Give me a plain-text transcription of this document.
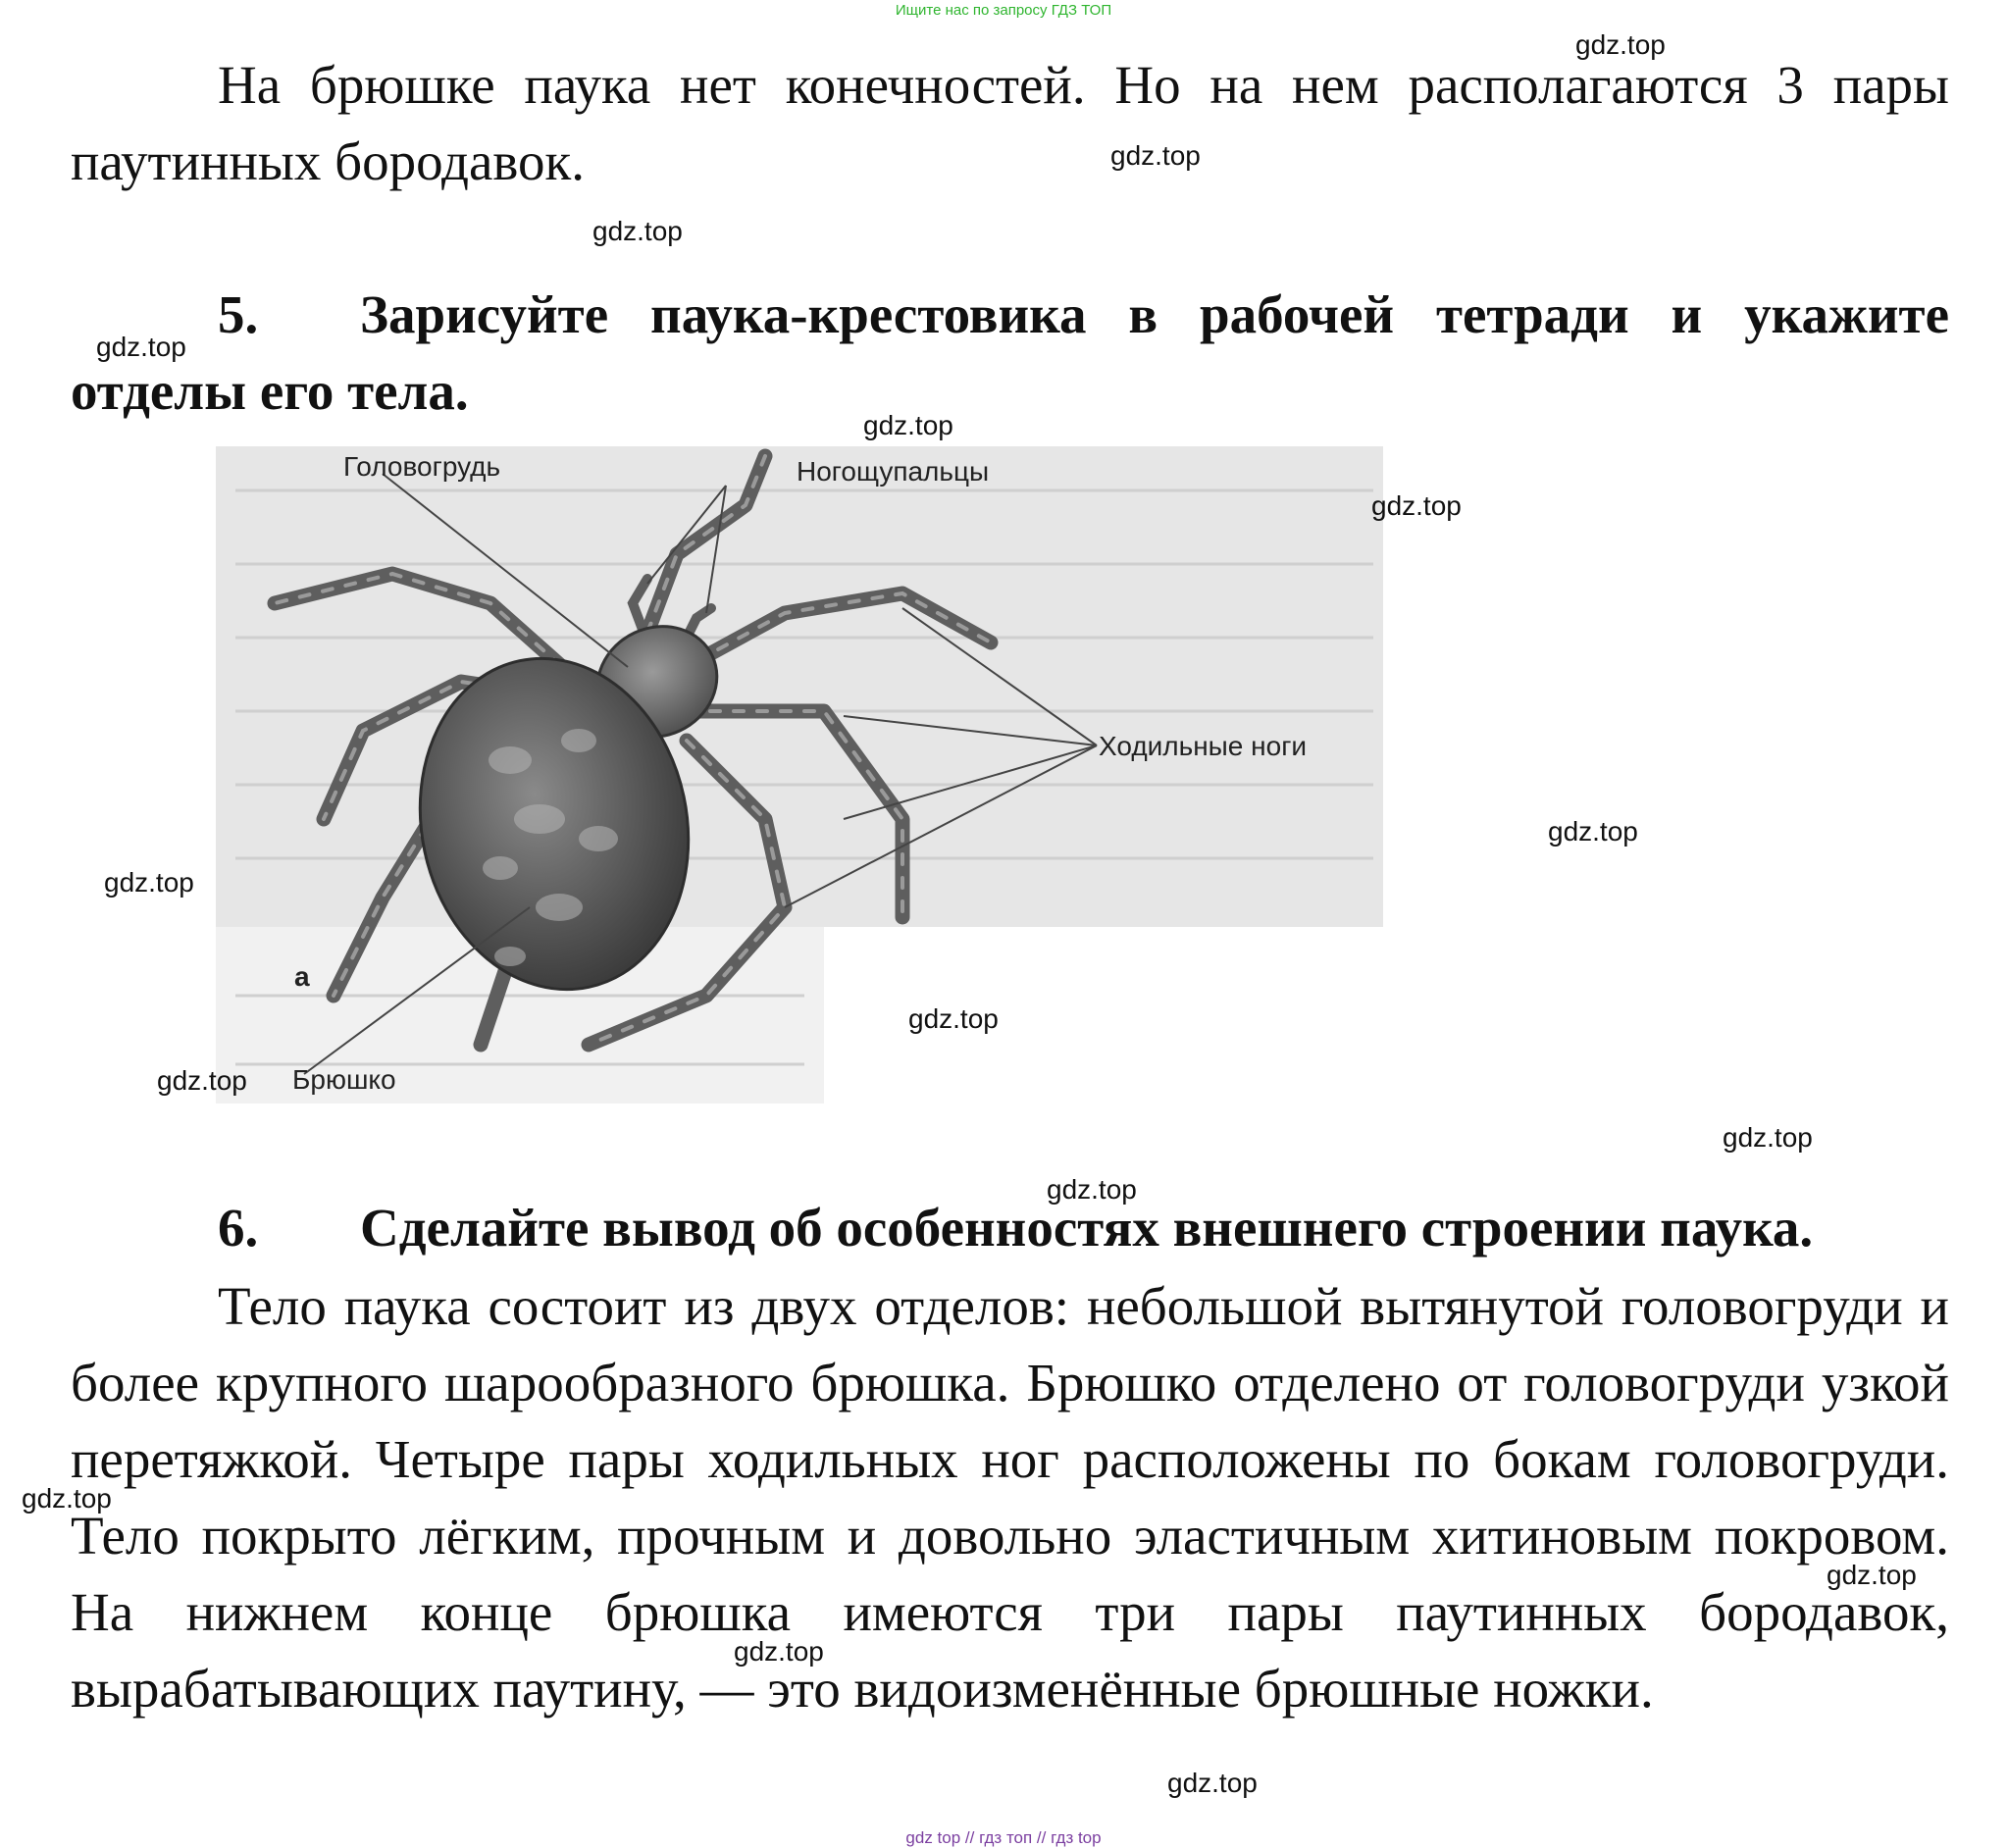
Ищите нас по запросу ГДЗ ТОП

На брюшке паука нет конечностей. Но на нем располагаются 3 пары паутинных бородавок.

5. Зарисуйте паука-крестовика в рабочей тетради и укажите отделы его тела.
Головогрудь	Ногощупальцы
Ходильные ноги
а
Брюшко
6. Сделайте вывод об особенностях внешнего строении паука.

Тело паука состоит из двух отделов: небольшой вытянутой головогруди и более крупного шарообразного брюшка. Брюшко отделено от головогруди узкой перетяжкой. Четыре пары ходильных ног расположены по бокам головогруди. Тело покрыто лёгким, прочным и довольно эластичным хитиновым покровом. На нижнем конце брюшка имеются три пары паутинных бородавок, вырабатывающих паутину, — это видоизменённые брюшные ножки.

gdz.top
gdz.top
gdz.top
gdz.top
gdz.top
gdz.top
gdz.top
gdz.top
gdz.top
gdz.top
gdz.top
gdz.top
gdz.top
gdz.top
gdz.top
gdz.top
gdz top // гдз топ // гдз top
